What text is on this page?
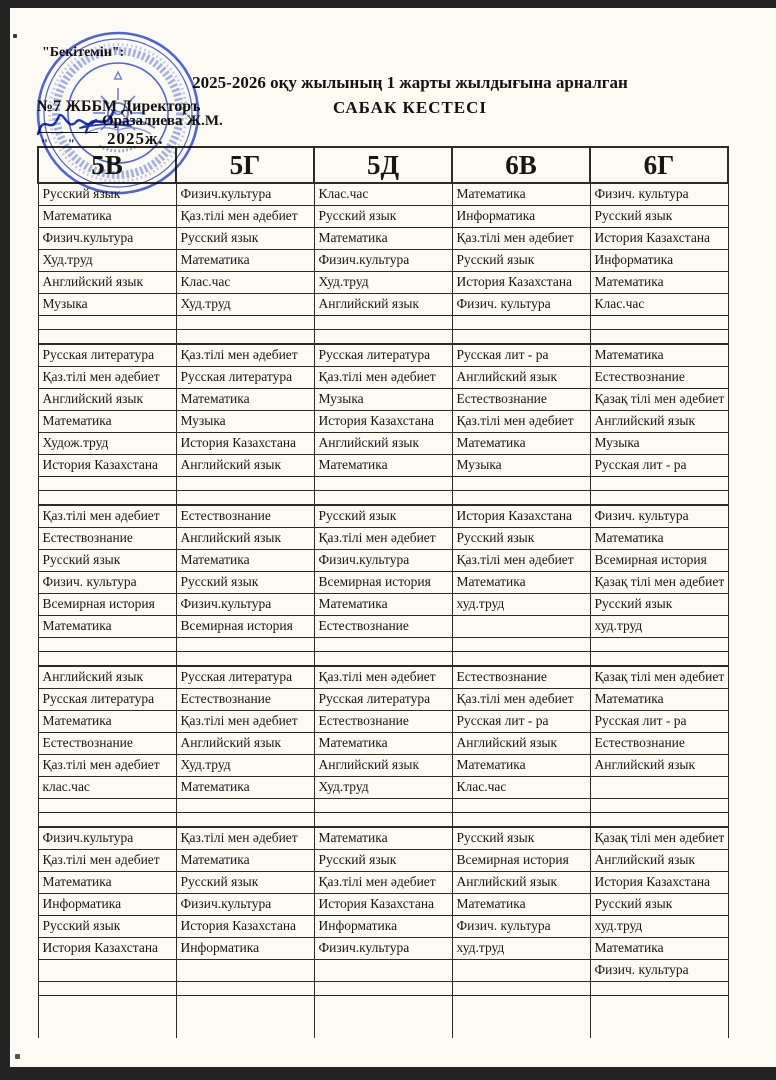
"Бекітемін":
№7 ЖББМ Директоръ
Оразалиева Ж.М.
"      " 2025ж.
2025-2026 оқу жылының 1 жарты жылдығына арналган
САБАК КЕСТЕСІ
5В	5Г	5Д	6В	6Г
Русский язык	Физич.культура	Клас.час	Математика	Физич. культура
Математика	Қаз.тілі мен әдебиет	Русский язык	Информатика	Русский язык
Физич.культура	Русский язык	Математика	Қаз.тілі мен әдебиет	История Казахстана
Худ.труд	Математика	Физич.культура	Русский язык	Информатика
Английский язык	Клас.час	Худ.труд	История Казахстана	Математика
Музыка	Худ.труд	Английский язык	Физич. культура	Клас.час

Русская литература	Қаз.тілі мен әдебиет	Русская литература	Русская лит - ра	Математика
Қаз.тілі мен әдебиет	Русская литература	Қаз.тілі мен әдебиет	Английский язык	Естествознание
Английский язык	Математика	Музыка	Естествознание	Қазақ тілі мен әдебиет
Математика	Музыка	История Казахстана	Қаз.тілі мен әдебиет	Английский язык
Худож.труд	История Казахстана	Английский язык	Математика	Музыка
История Казахстана	Английский язык	Математика	Музыка	Русская лит - ра

Қаз.тілі мен әдебиет	Естествознание	Русский язык	История Казахстана	Физич. культура
Естествознание	Английский язык	Қаз.тілі мен әдебиет	Русский язык	Математика
Русский язык	Математика	Физич.культура	Қаз.тілі мен әдебиет	Всемирная история
Физич. культура	Русский язык	Всемирная история	Математика	Қазақ тілі мен әдебиет
Всемирная история	Физич.культура	Математика	худ.труд	Русский язык
Математика	Всемирная история	Естествознание		худ.труд

Английский язык	Русская литература	Қаз.тілі мен әдебиет	Естествознание	Қазақ тілі мен әдебиет
Русская литература	Естествознание	Русская литература	Қаз.тілі мен әдебиет	Математика
Математика	Қаз.тілі мен әдебиет	Естествознание	Русская лит - ра	Русская лит - ра
Естествознание	Английский язык	Математика	Английский язык	Естествознание
Қаз.тілі мен әдебиет	Худ.труд	Английский язык	Математика	Английский язык
клас.час	Математика	Худ.труд	Клас.час	

Физич.культура	Қаз.тілі мен әдебиет	Математика	Русский язык	Қазақ тілі мен әдебиет
Қаз.тілі мен әдебиет	Математика	Русский язык	Всемирная история	Английский язык
Математика	Русский язык	Қаз.тілі мен әдебиет	Английский язык	История Казахстана
Информатика	Физич.культура	История Казахстана	Математика	Русский язык
Русский язык	История Казахстана	Информатика	Физич. культура	худ.труд
История Казахстана	Информатика	Физич.культура	худ.труд	Математика
				Физич. культура
